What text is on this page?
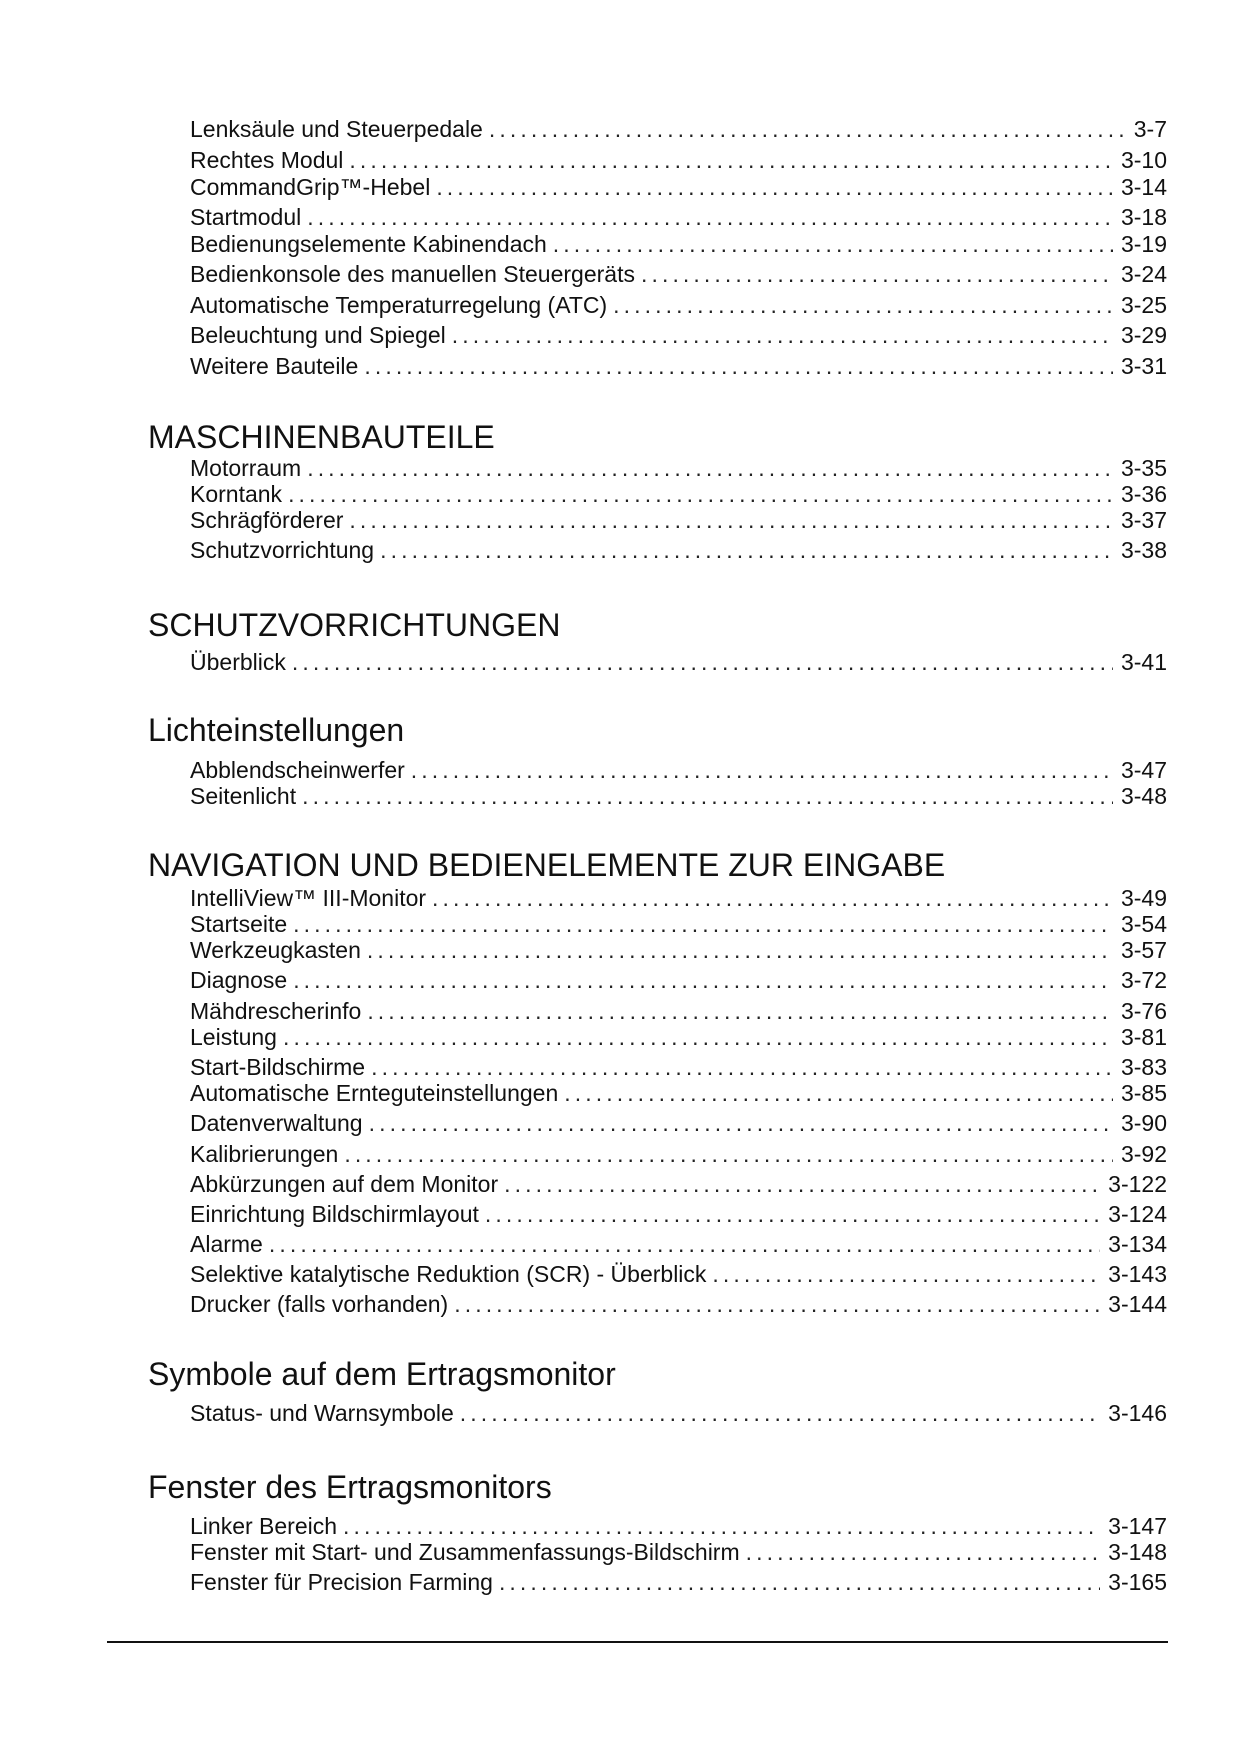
Lenksäule und Steuerpedale .....	3-7
Rechtes Modul .....	3-10
CommandGrip™-Hebel .....	3-14
Startmodul .....	3-18
Bedienungselemente Kabinendach .....	3-19
Bedienkonsole des manuellen Steuergeräts .....	3-24
Automatische Temperaturregelung (ATC) .....	3-25
Beleuchtung und Spiegel .....	3-29
Weitere Bauteile .....	3-31
MASCHINENBAUTEILE
Motorraum .....	3-35
Korntank .....	3-36
Schrägförderer .....	3-37
Schutzvorrichtung .....	3-38
SCHUTZVORRICHTUNGEN
Überblick .....	3-41
Lichteinstellungen
Abblendscheinwerfer .....	3-47
Seitenlicht .....	3-48
NAVIGATION UND BEDIENELEMENTE ZUR EINGABE
IntelliView™ III-Monitor .....	3-49
Startseite .....	3-54
Werkzeugkasten .....	3-57
Diagnose .....	3-72
Mähdrescherinfo .....	3-76
Leistung .....	3-81
Start-Bildschirme .....	3-83
Automatische Ernteguteinstellungen .....	3-85
Datenverwaltung .....	3-90
Kalibrierungen .....	3-92
Abkürzungen auf dem Monitor .....	3-122
Einrichtung Bildschirmlayout .....	3-124
Alarme .....	3-134
Selektive katalytische Reduktion (SCR) - Überblick .....	3-143
Drucker (falls vorhanden) .....	3-144
Symbole auf dem Ertragsmonitor
Status- und Warnsymbole .....	3-146
Fenster des Ertragsmonitors
Linker Bereich .....	3-147
Fenster mit Start- und Zusammenfassungs-Bildschirm .....	3-148
Fenster für Precision Farming .....	3-165
